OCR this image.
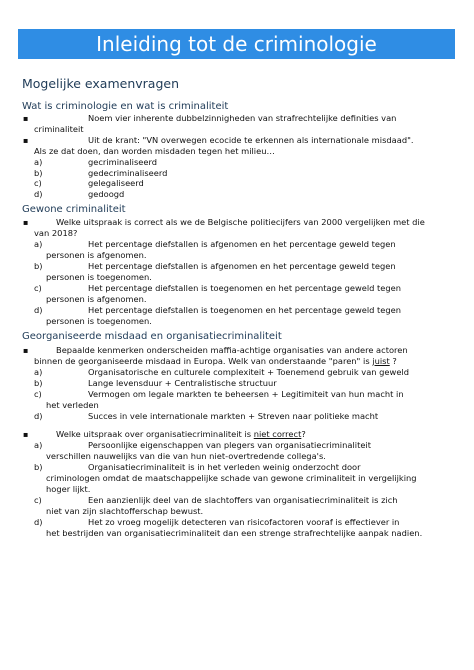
Inleiding tot de criminologie
Mogelijke examenvragen
Wat is criminologie en wat is criminaliteit
▪	Noem vier inherente dubbelzinnigheden van strafrechtelijke definities van
criminaliteit
▪	Uit de krant: "VN overwegen ecocide te erkennen als internationale misdaad".
Als ze dat doen, dan worden misdaden tegen het milieu…
a)	gecriminaliseerd
b)	gedecriminaliseerd
c)	gelegaliseerd
d)	gedoogd
Gewone criminaliteit
▪	Welke uitspraak is correct als we de Belgische politiecijfers van 2000 vergelijken met die
van 2018?
a)	Het percentage diefstallen is afgenomen en het percentage geweld tegen
personen is afgenomen.
b)	Het percentage diefstallen is afgenomen en het percentage geweld tegen
personen is toegenomen.
c)	Het percentage diefstallen is toegenomen en het percentage geweld tegen
personen is afgenomen.
d)	Het percentage diefstallen is toegenomen en het percentage geweld tegen
personen is toegenomen.
Georganiseerde misdaad en organisatiecriminaliteit
▪	Bepaalde kenmerken onderscheiden maffia-achtige organisaties van andere actoren
binnen de georganiseerde misdaad in Europa. Welk van onderstaande "paren" is juist ?
a)	Organisatorische en culturele complexiteit + Toenemend gebruik van geweld
b)	Lange levensduur + Centralistische structuur
c)	Vermogen om legale markten te beheersen + Legitimiteit van hun macht in
het verleden
d)	Succes in vele internationale markten + Streven naar politieke macht
▪	Welke uitspraak over organisatiecriminaliteit is niet correct?
a)	Persoonlijke eigenschappen van plegers van organisatiecriminaliteit
verschillen nauwelijks van die van hun niet-overtredende collega's.
b)	Organisatiecriminaliteit is in het verleden weinig onderzocht door
criminologen omdat de maatschappelijke schade van gewone criminaliteit in vergelijking
hoger lijkt.
c)	Een aanzienlijk deel van de slachtoffers van organisatiecriminaliteit is zich
niet van zijn slachtofferschap bewust.
d)	Het zo vroeg mogelijk detecteren van risicofactoren vooraf is effectiever in
het bestrijden van organisatiecriminaliteit dan een strenge strafrechtelijke aanpak nadien.
